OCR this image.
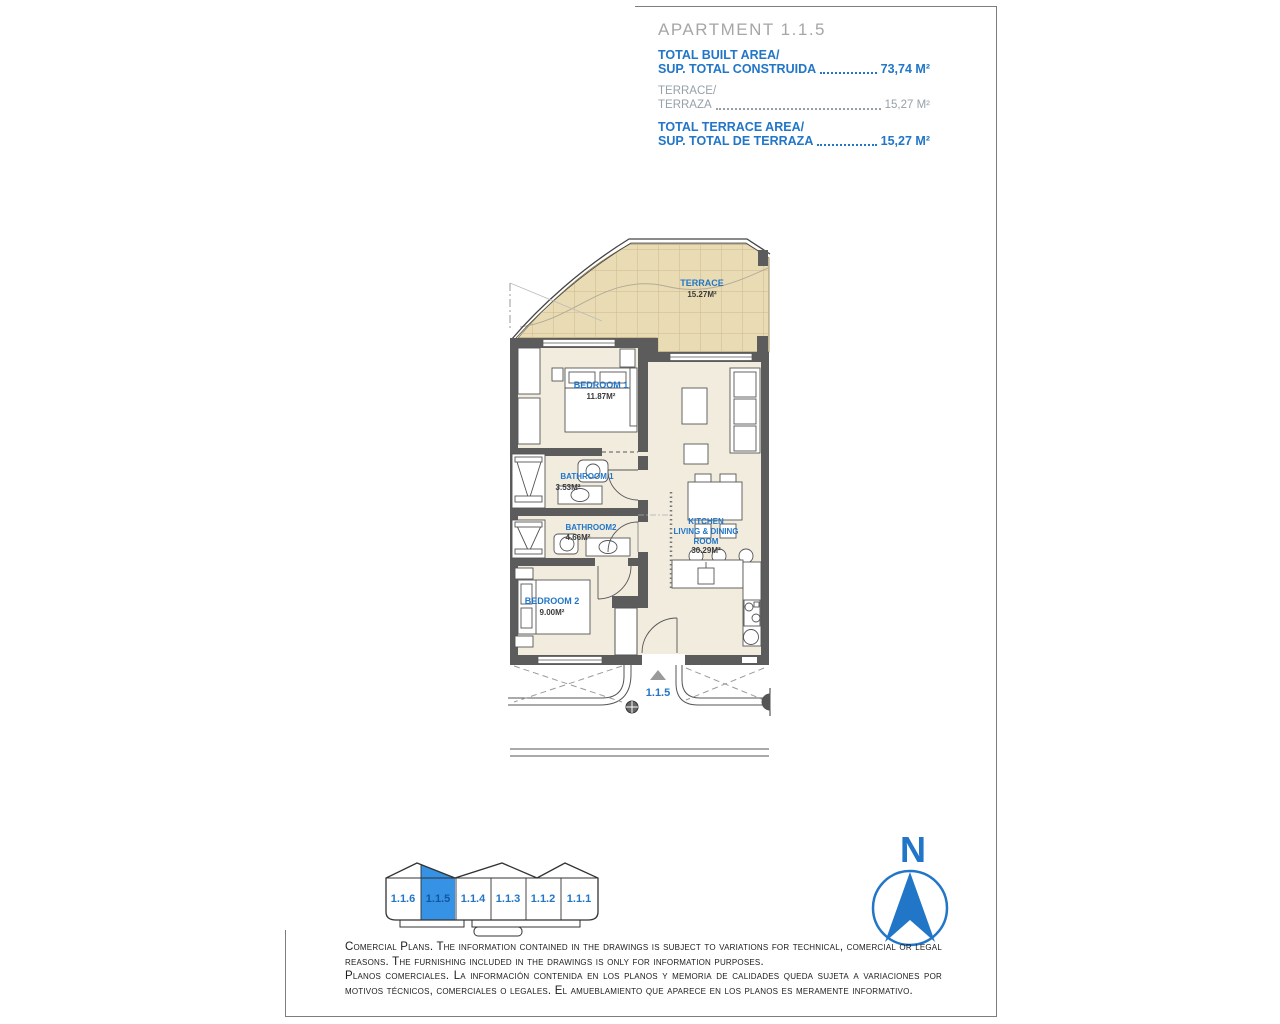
APARTMENT 1.1.5
TOTAL BUILT AREA/
SUP. TOTAL CONSTRUIDA	73,74 M²
TERRACE/
TERRAZA	15,27 M²
TOTAL TERRACE AREA/
SUP. TOTAL DE TERRAZA	15,27 M²
TERRACE
15.27M²
BEDROOM 1
11.87M²
BATHROOM 1
3.53M²
BATHROOM2
4.66M²
BEDROOM 2
9.00M²
KITCHEN
LIVING & DINING
ROOM
30.29M²
1.1.5
1.1.6 1.1.5 1.1.4 1.1.3 1.1.2 1.1.1
N

Comercial Plans. The information contained in the drawings is subject to variations for technical, comercial or legal reasons. The furnishing included in the drawings is only for information purposes.

Planos comerciales. La información contenida en los planos y memoria de calidades queda sujeta a variaciones por motivos técnicos, comerciales o legales. El amueblamiento que aparece en los planos es meramente informativo.
